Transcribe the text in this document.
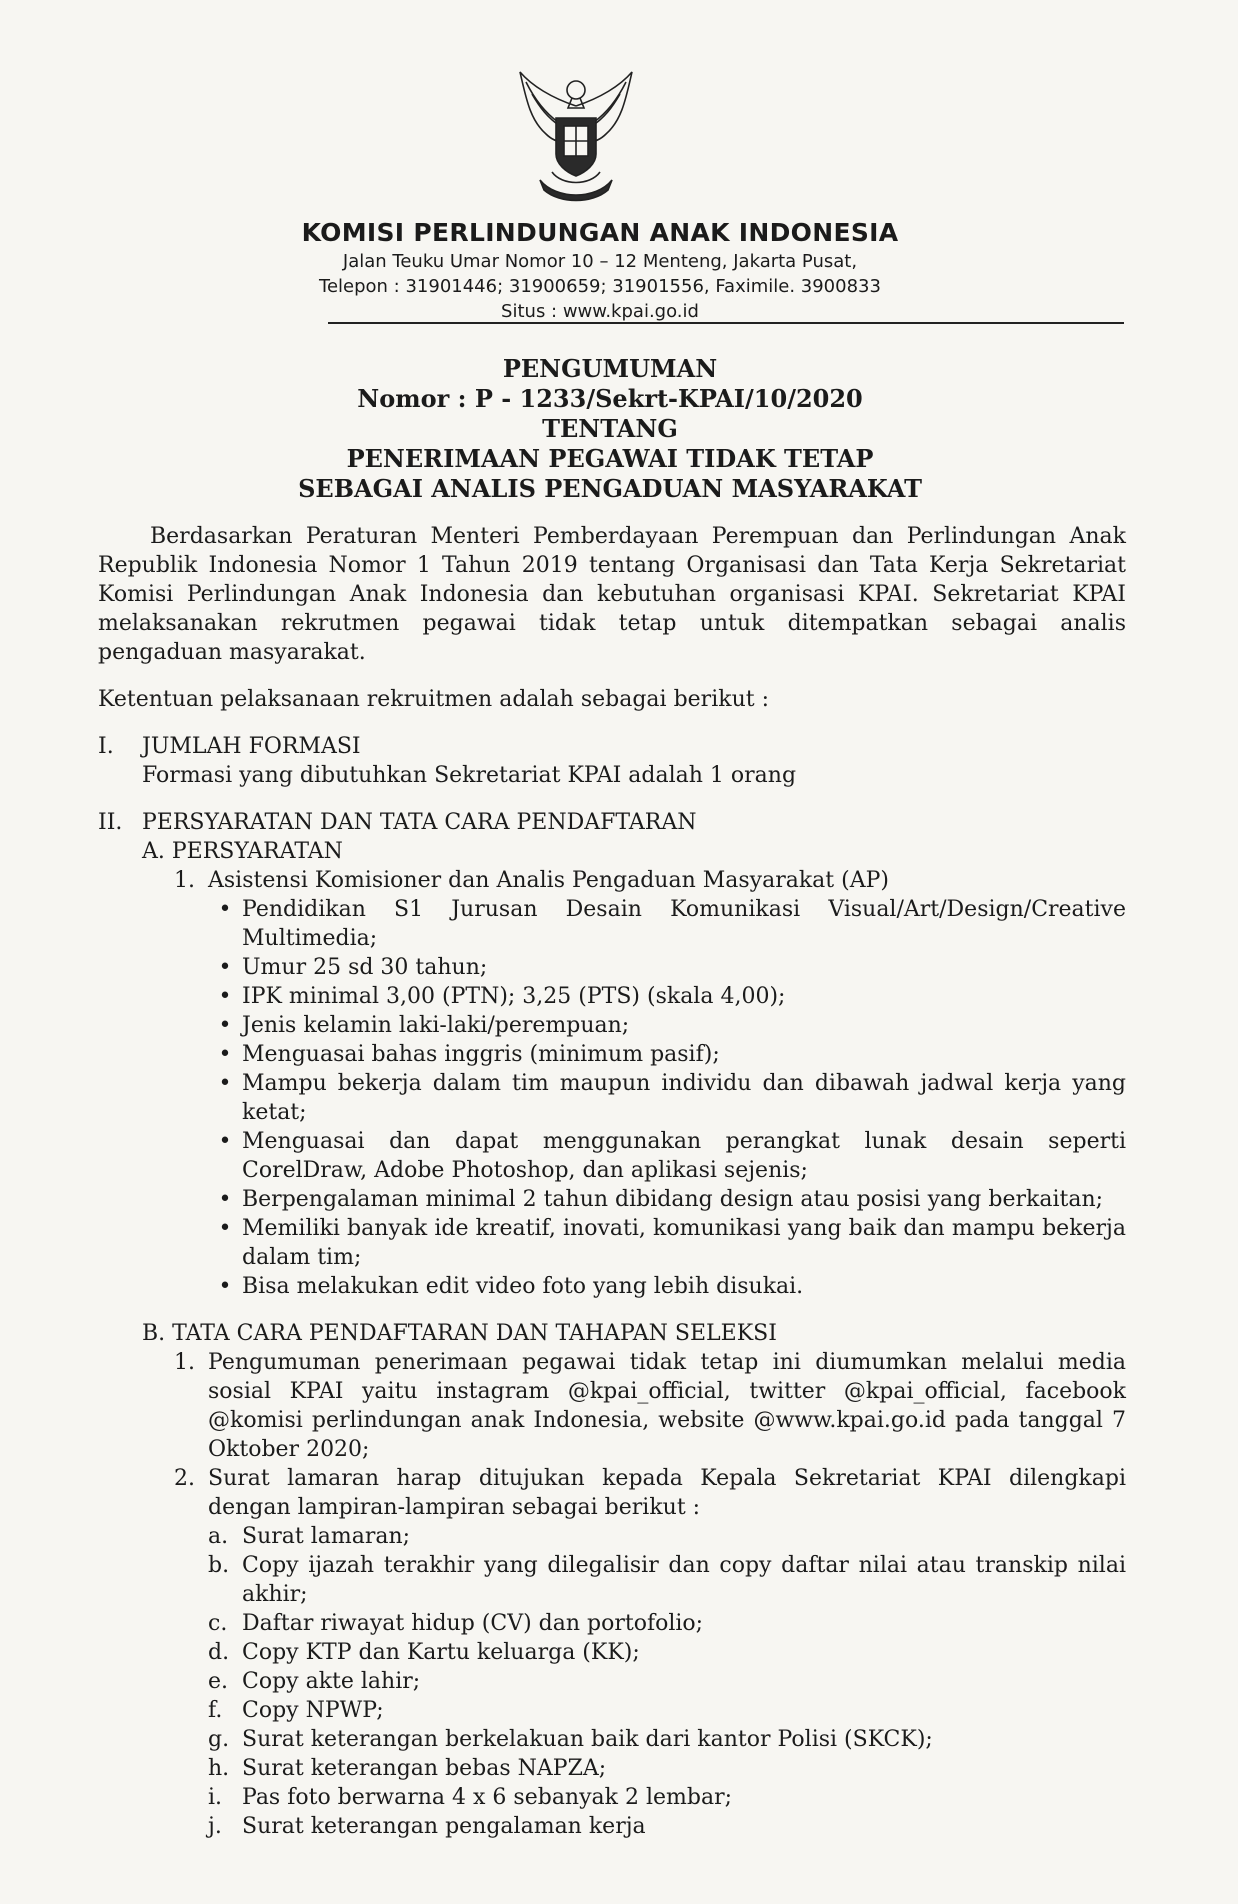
KOMISI PERLINDUNGAN ANAK INDONESIA
Jalan Teuku Umar Nomor 10 – 12 Menteng, Jakarta Pusat,
Telepon : 31901446; 31900659; 31901556, Faximile. 3900833
Situs : www.kpai.go.id
PENGUMUMAN
Nomor : P - 1233/Sekrt-KPAI/10/2020
TENTANG
PENERIMAAN PEGAWAI TIDAK TETAP
SEBAGAI ANALIS PENGADUAN MASYARAKAT

Berdasarkan Peraturan Menteri Pemberdayaan Perempuan dan Perlindungan Anak Republik Indonesia Nomor 1 Tahun 2019 tentang Organisasi dan Tata Kerja Sekretariat Komisi Perlindungan Anak Indonesia dan kebutuhan organisasi KPAI. Sekretariat KPAI melaksanakan rekrutmen pegawai tidak tetap untuk ditempatkan sebagai analis pengaduan masyarakat.

Ketentuan pelaksanaan rekruitmen adalah sebagai berikut :

I.	JUMLAH FORMASI
Formasi yang dibutuhkan Sekretariat KPAI adalah 1 orang
II. PERSYARATAN DAN TATA CARA PENDAFTARAN
A. PERSYARATAN
1. Asistensi Komisioner dan Analis Pengaduan Masyarakat (AP)
• Pendidikan S1 Jurusan Desain Komunikasi Visual/Art/Design/Creative Multimedia;
• Umur 25 sd 30 tahun;
• IPK minimal 3,00 (PTN); 3,25 (PTS) (skala 4,00);
• Jenis kelamin laki-laki/perempuan;
• Menguasai bahas inggris (minimum pasif);
• Mampu bekerja dalam tim maupun individu dan dibawah jadwal kerja yang ketat;
• Menguasai dan dapat menggunakan perangkat lunak desain seperti CorelDraw, Adobe Photoshop, dan aplikasi sejenis;
• Berpengalaman minimal 2 tahun dibidang design atau posisi yang berkaitan;
• Memiliki banyak ide kreatif, inovati, komunikasi yang baik dan mampu bekerja dalam tim;
• Bisa melakukan edit video foto yang lebih disukai.
B. TATA CARA PENDAFTARAN DAN TAHAPAN SELEKSI
1. Pengumuman penerimaan pegawai tidak tetap ini diumumkan melalui media sosial KPAI yaitu instagram @kpai_official, twitter @kpai_official, facebook @komisi perlindungan anak Indonesia, website @www.kpai.go.id pada tanggal 7 Oktober 2020;
2. Surat lamaran harap ditujukan kepada Kepala Sekretariat KPAI dilengkapi dengan lampiran-lampiran sebagai berikut :
a. Surat lamaran;
b. Copy ijazah terakhir yang dilegalisir dan copy daftar nilai atau transkip nilai akhir;
c. Daftar riwayat hidup (CV) dan portofolio;
d. Copy KTP dan Kartu keluarga (KK);
e. Copy akte lahir;
f. Copy NPWP;
g. Surat keterangan berkelakuan baik dari kantor Polisi (SKCK);
h. Surat keterangan bebas NAPZA;
i. Pas foto berwarna 4 x 6 sebanyak 2 lembar;
j. Surat keterangan pengalaman kerja
